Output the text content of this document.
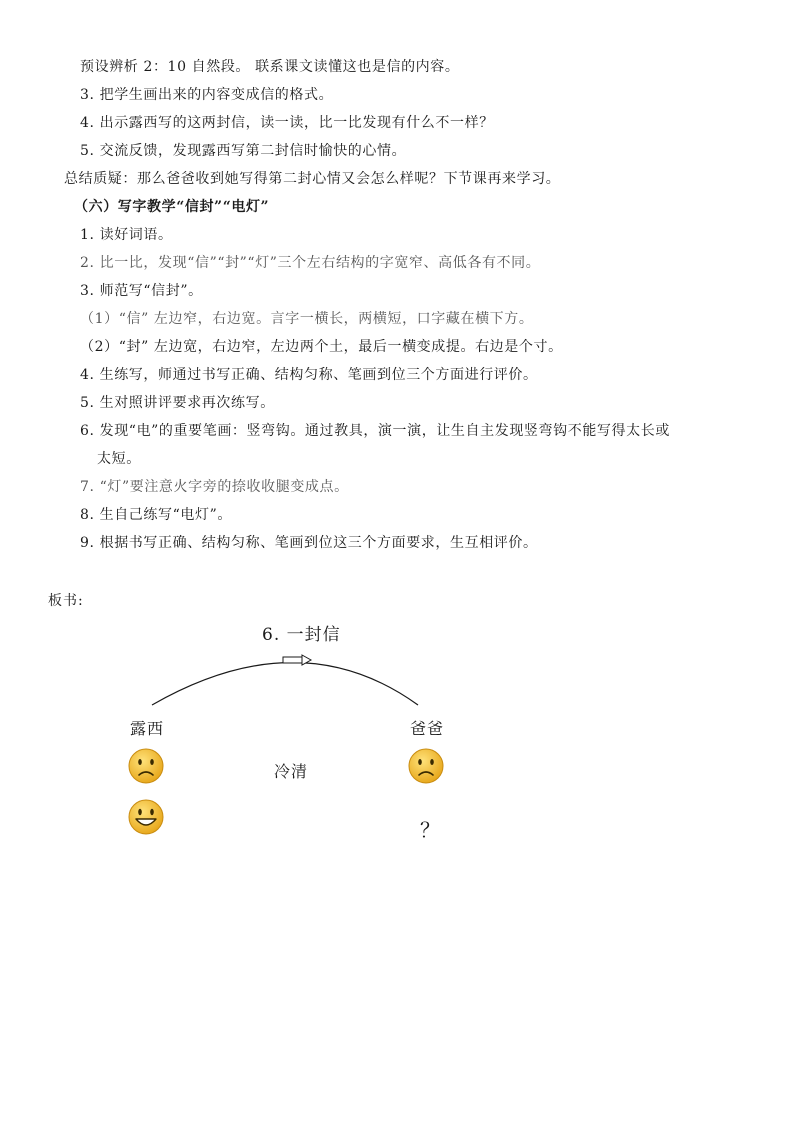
预设辨析 2：10 自然段。 联系课文读懂这也是信的内容。
3. 把学生画出来的内容变成信的格式。
4. 出示露西写的这两封信，读一读，比一比发现有什么不一样？
5. 交流反馈，发现露西写第二封信时愉快的心情。
总结质疑：那么爸爸收到她写得第二封心情又会怎么样呢？下节课再来学习。
（六）写字教学“信封”“电灯”
1. 读好词语。
2. 比一比，发现“信”“封”“灯”三个左右结构的字宽窄、高低各有不同。
3. 师范写“信封”。
（1）“信” 左边窄，右边宽。言字一横长，两横短，口字藏在横下方。
（2）“封” 左边宽，右边窄，左边两个土，最后一横变成提。右边是个寸。
4. 生练写，师通过书写正确、结构匀称、笔画到位三个方面进行评价。
5. 生对照讲评要求再次练写。
6. 发现“电”的重要笔画：竖弯钩。通过教具，演一演，让生自主发现竖弯钩不能写得太长或
太短。
7. “灯”要注意火字旁的捺收收腿变成点。
8. 生自己练写“电灯”。
9. 根据书写正确、结构匀称、笔画到位这三个方面要求，生互相评价。
板书:
6. 一封信
露西	爸爸
冷清
？
